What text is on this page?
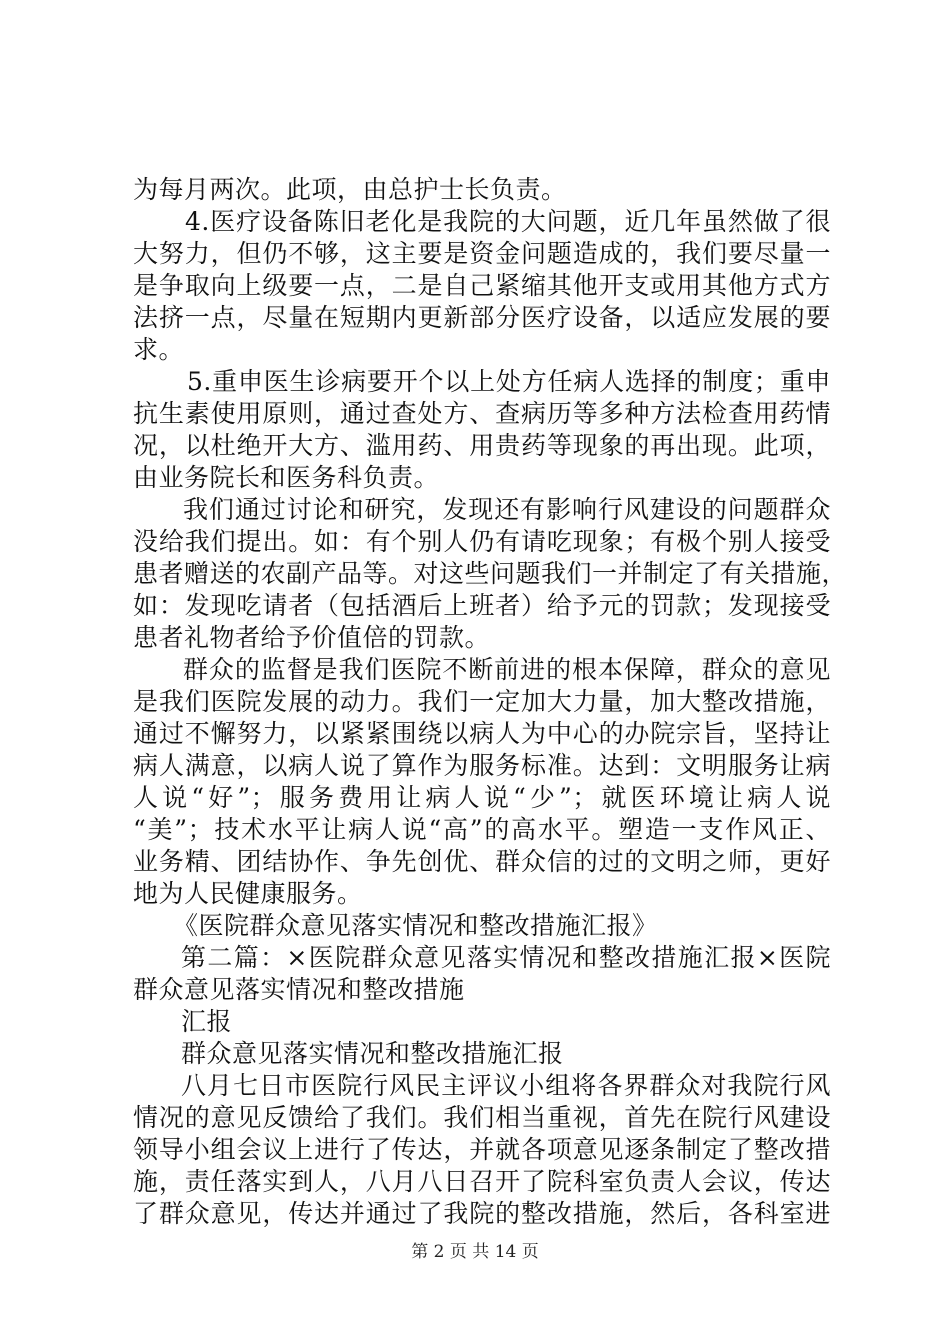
为每月两次。此项，由总护士长负责。
4.医疗设备陈旧老化是我院的大问题，近几年虽然做了很
大努力，但仍不够，这主要是资金问题造成的，我们要尽量一
是争取向上级要一点，二是自己紧缩其他开支或用其他方式方
法挤一点，尽量在短期内更新部分医疗设备，以适应发展的要
求。
5.重申医生诊病要开个以上处方任病人选择的制度；重申
抗生素使用原则，通过查处方、查病历等多种方法检查用药情
况，以杜绝开大方、滥用药、用贵药等现象的再出现。此项，
由业务院长和医务科负责。
我们通过讨论和研究，发现还有影响行风建设的问题群众
没给我们提出。如：有个别人仍有请吃现象；有极个别人接受
患者赠送的农副产品等。对这些问题我们一并制定了有关措施，
如：发现吃请者（包括酒后上班者）给予元的罚款；发现接受
患者礼物者给予价值倍的罚款。
群众的监督是我们医院不断前进的根本保障，群众的意见
是我们医院发展的动力。我们一定加大力量，加大整改措施，
通过不懈努力，以紧紧围绕以病人为中心的办院宗旨，坚持让
病人满意，以病人说了算作为服务标准。达到：文明服务让病
人说“好”；服务费用让病人说“少”；就医环境让病人说
“美”；技术水平让病人说“高”的高水平。塑造一支作风正、
业务精、团结协作、争先创优、群众信的过的文明之师，更好
地为人民健康服务。
《医院群众意见落实情况和整改措施汇报》
第二篇：×医院群众意见落实情况和整改措施汇报×医院
群众意见落实情况和整改措施
汇报
群众意见落实情况和整改措施汇报
八月七日市医院行风民主评议小组将各界群众对我院行风
情况的意见反馈给了我们。我们相当重视，首先在院行风建设
领导小组会议上进行了传达，并就各项意见逐条制定了整改措
施，责任落实到人，八月八日召开了院科室负责人会议，传达
了群众意见，传达并通过了我院的整改措施，然后，各科室进
第 2 页 共 14 页
